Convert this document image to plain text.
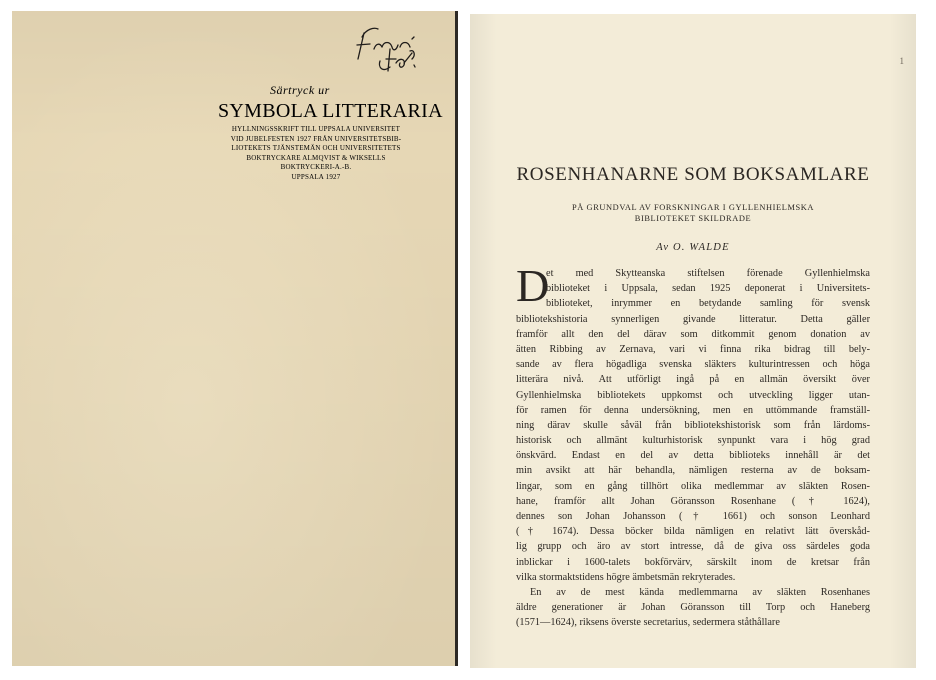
Särtryck ur
SYMBOLA LITTERARIA
HYLLNINGSSKRIFT TILL UPPSALA UNIVERSITET
VID JUBELFESTEN 1927 FRÅN UNIVERSITETSBIB-
LIOTEKETS TJÄNSTEMÄN OCH UNIVERSITETETS
BOKTRYCKARE ALMQVIST & WIKSELLS
BOKTRYCKERI-A.-B.
UPPSALA 1927
1
ROSENHANARNE SOM BOKSAMLARE
PÅ GRUNDVAL AV FORSKNINGAR I GYLLENHIELMSKA
BIBLIOTEKET SKILDRADE
Av O. WALDE
D
et med Skytteanska stiftelsen förenade Gyllenhielmska
biblioteket i Uppsala, sedan 1925 deponerat i Universitets-
biblioteket, inrymmer en betydande samling för svensk
bibliotekshistoria synnerligen givande litteratur. Detta gäller
framför allt den del därav som ditkommit genom donation av
ätten Ribbing av Zernava, vari vi finna rika bidrag till bely-
sande av flera högadliga svenska släkters kulturintressen och höga
litterära nivå. Att utförligt ingå på en allmän översikt över
Gyllenhielmska bibliotekets uppkomst och utveckling ligger utan-
för ramen för denna undersökning, men en uttömmande framställ-
ning därav skulle såväl från bibliotekshistorisk som från lärdoms-
historisk och allmänt kulturhistorisk synpunkt vara i hög grad
önskvärd. Endast en del av detta biblioteks innehåll är det
min avsikt att här behandla, nämligen resterna av de boksam-
lingar, som en gång tillhört olika medlemmar av släkten Rosen-
hane, framför allt Johan Göransson Rosenhane († 1624),
dennes son Johan Johansson († 1661) och sonson Leonhard
(† 1674). Dessa böcker bilda nämligen en relativt lätt överskåd-
lig grupp och äro av stort intresse, då de giva oss särdeles goda
inblickar i 1600-talets bokförvärv, särskilt inom de kretsar från
vilka stormaktstidens högre ämbetsmän rekryterades.
En av de mest kända medlemmarna av släkten Rosenhanes
äldre generationer är Johan Göransson till Torp och Haneberg
(1571—1624), riksens överste secretarius, sedermera ståthållare
